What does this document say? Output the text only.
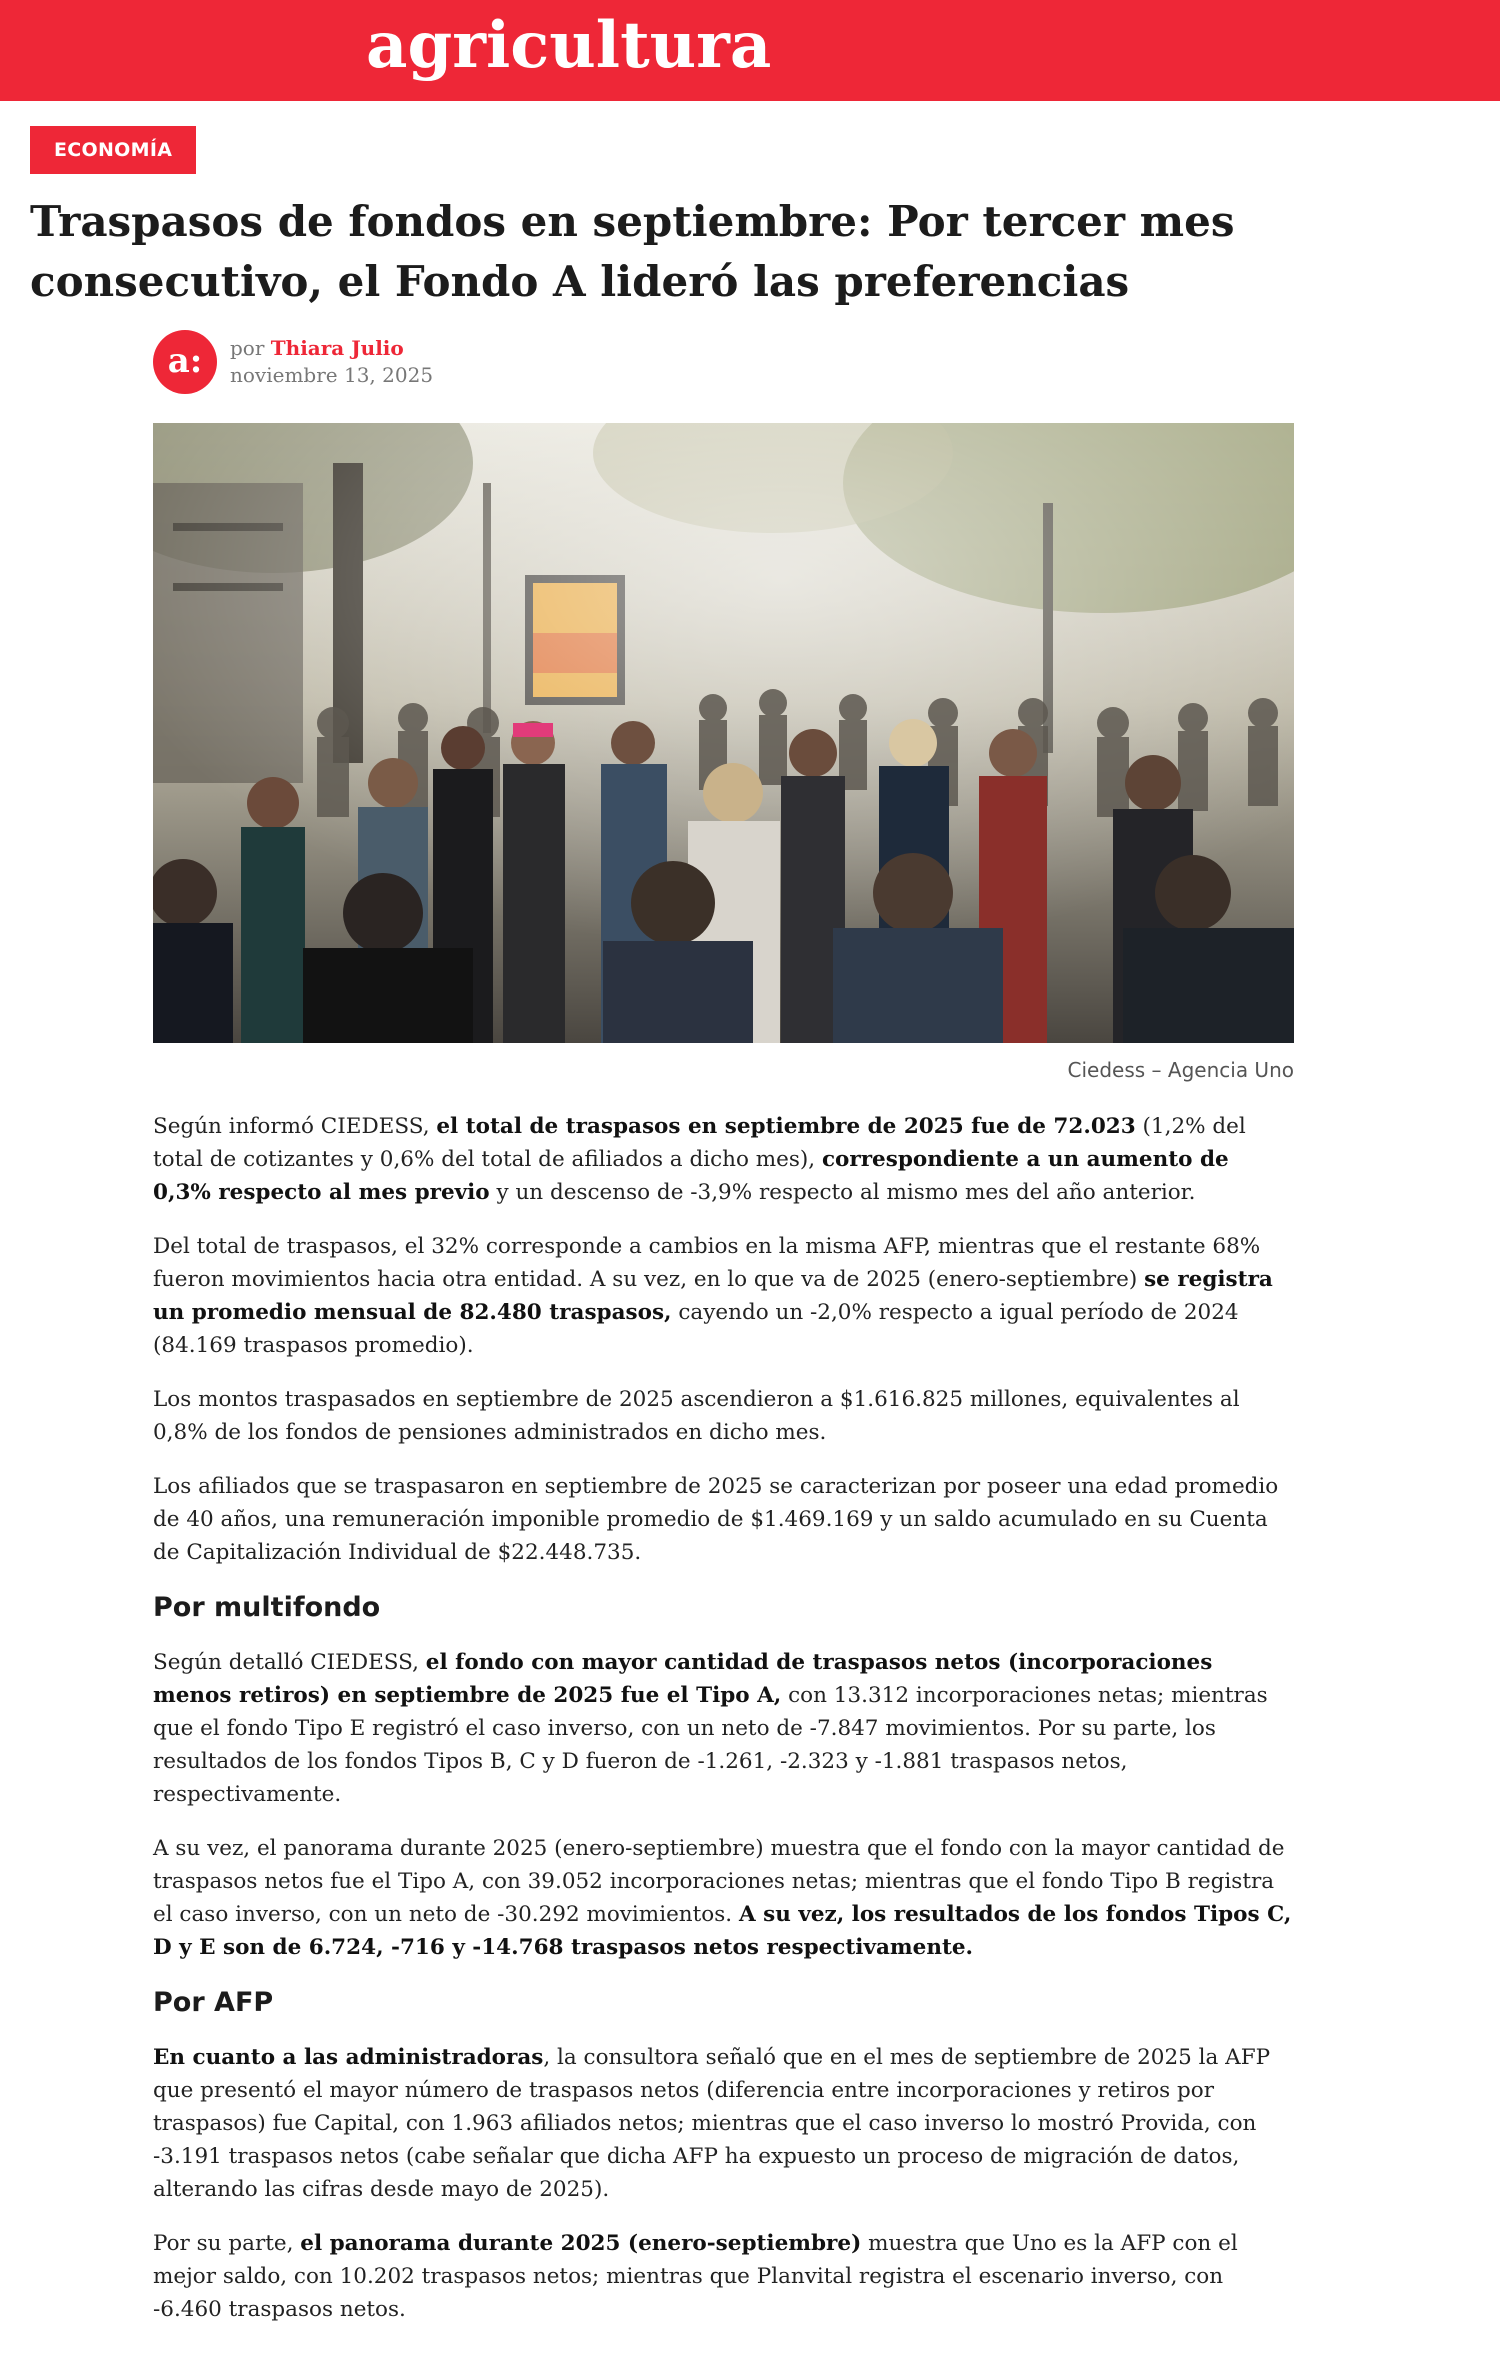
agricultura
ECONOMÍA
Traspasos de fondos en septiembre: Por tercer mes consecutivo, el Fondo A lideró las preferencias
a:	por Thiara Julio
noviembre 13, 2025
Ciedess – Agencia Uno

Según informó CIEDESS, el total de traspasos en septiembre de 2025 fue de 72.023 (1,2% del total de cotizantes y 0,6% del total de afiliados a dicho mes), correspondiente a un aumento de 0,3% respecto al mes previo y un descenso de -3,9% respecto al mismo mes del año anterior.

Del total de traspasos, el 32% corresponde a cambios en la misma AFP, mientras que el restante 68% fueron movimientos hacia otra entidad. A su vez, en lo que va de 2025 (enero-septiembre) se registra un promedio mensual de 82.480 traspasos, cayendo un -2,0% respecto a igual período de 2024 (84.169 traspasos promedio).

Los montos traspasados en septiembre de 2025 ascendieron a $1.616.825 millones, equivalentes al 0,8% de los fondos de pensiones administrados en dicho mes.

Los afiliados que se traspasaron en septiembre de 2025 se caracterizan por poseer una edad promedio de 40 años, una remuneración imponible promedio de $1.469.169 y un saldo acumulado en su Cuenta de Capitalización Individual de $22.448.735.

Por multifondo

Según detalló CIEDESS, el fondo con mayor cantidad de traspasos netos (incorporaciones menos retiros) en septiembre de 2025 fue el Tipo A, con 13.312 incorporaciones netas; mientras que el fondo Tipo E registró el caso inverso, con un neto de -7.847 movimientos. Por su parte, los resultados de los fondos Tipos B, C y D fueron de -1.261, -2.323 y -1.881 traspasos netos, respectivamente.

A su vez, el panorama durante 2025 (enero-septiembre) muestra que el fondo con la mayor cantidad de traspasos netos fue el Tipo A, con 39.052 incorporaciones netas; mientras que el fondo Tipo B registra el caso inverso, con un neto de -30.292 movimientos. A su vez, los resultados de los fondos Tipos C, D y E son de 6.724, -716 y -14.768 traspasos netos respectivamente.

Por AFP

En cuanto a las administradoras, la consultora señaló que en el mes de septiembre de 2025 la AFP que presentó el mayor número de traspasos netos (diferencia entre incorporaciones y retiros por traspasos) fue Capital, con 1.963 afiliados netos; mientras que el caso inverso lo mostró Provida, con -3.191 traspasos netos (cabe señalar que dicha AFP ha expuesto un proceso de migración de datos, alterando las cifras desde mayo de 2025).

Por su parte, el panorama durante 2025 (enero-septiembre) muestra que Uno es la AFP con el mejor saldo, con 10.202 traspasos netos; mientras que Planvital registra el escenario inverso, con -6.460 traspasos netos.
